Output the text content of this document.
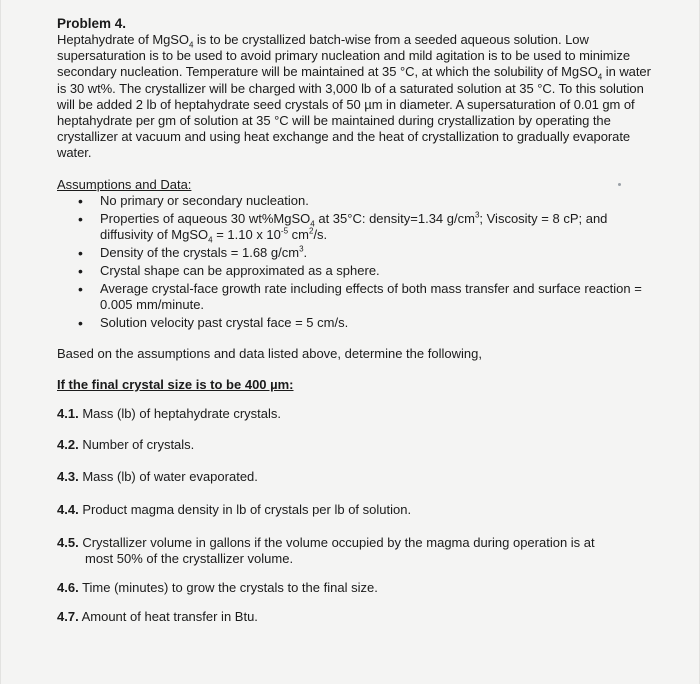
Problem 4.
Heptahydrate of MgSO$_4$ is to be crystallized batch-wise from a seeded aqueous solution. Low supersaturation is to be used to avoid primary nucleation and mild agitation is to be used to minimize secondary nucleation. Temperature will be maintained at 35 °C, at which the solubility of MgSO$_4$ in water is 30 wt%. The crystallizer will be charged with 3,000 lb of a saturated solution at 35 °C. To this solution will be added 2 lb of heptahydrate seed crystals of 50 µm in diameter. A supersaturation of 0.01 gm of heptahydrate per gm of solution at 35 °C will be maintained during crystallization by operating the crystallizer at vacuum and using heat exchange and the heat of crystallization to gradually evaporate water.
Assumptions and Data:
• No primary or secondary nucleation.
• Properties of aqueous 30 wt%MgSO$_4$ at 35°C: density=1.34 $g/cm^3$; Viscosity = 8 cP; and diffusivity of MgSO$_4$ = 1.10 x $10^{-5}$ $cm^2/s$.
• Density of the crystals = 1.68 $g/cm^3$.
• Crystal shape can be approximated as a sphere.
• Average crystal-face growth rate including effects of both mass transfer and surface reaction = 0.005 mm/minute.
• Solution velocity past crystal face = 5 cm/s.
Based on the assumptions and data listed above, determine the following,
If the final crystal size is to be 400 µm:
4.1. Mass (lb) of heptahydrate crystals.
4.2. Number of crystals.
4.3. Mass (lb) of water evaporated.
4.4. Product magma density in lb of crystals per lb of solution.
4.5. Crystallizer volume in gallons if the volume occupied by the magma during operation is at
most 50% of the crystallizer volume.
4.6. Time (minutes) to grow the crystals to the final size.
4.7. Amount of heat transfer in Btu.
